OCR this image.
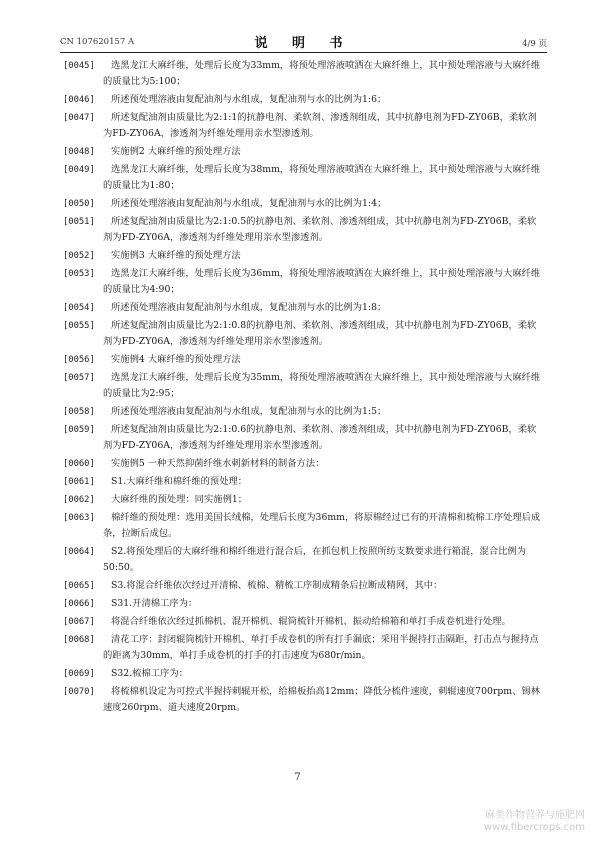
CN 107620157 A	说 明 书	4/9 页
[0045]	选黑龙江大麻纤维，处理后长度为33mm，将预处理溶液喷洒在大麻纤维上，其中预处理溶液与大麻纤维的质量比为5:100；
[0046]	所述预处理溶液由复配油剂与水组成，复配油剂与水的比例为1:6；
[0047]	所述复配油剂由质量比为2:1:1的抗静电剂、柔软剂、渗透剂组成，其中抗静电剂为FD-ZY06B，柔软剂为FD-ZY06A，渗透剂为纤维处理用亲水型渗透剂。
[0048]	实施例2 大麻纤维的预处理方法
[0049]	选黑龙江大麻纤维，处理后长度为38mm，将预处理溶液喷洒在大麻纤维上，其中预处理溶液与大麻纤维的质量比为1:80；
[0050]	所述预处理溶液由复配油剂与水组成，复配油剂与水的比例为1:4；
[0051]	所述复配油剂由质量比为2:1:0.5的抗静电剂、柔软剂、渗透剂组成，其中抗静电剂为FD-ZY06B，柔软剂为FD-ZY06A，渗透剂为纤维处理用亲水型渗透剂。
[0052]	实施例3 大麻纤维的预处理方法
[0053]	选黑龙江大麻纤维，处理后长度为36mm，将预处理溶液喷洒在大麻纤维上，其中预处理溶液与大麻纤维的质量比为4:90；
[0054]	所述预处理溶液由复配油剂与水组成，复配油剂与水的比例为1:8；
[0055]	所述复配油剂由质量比为2:1:0.8的抗静电剂、柔软剂、渗透剂组成，其中抗静电剂为FD-ZY06B，柔软剂为FD-ZY06A，渗透剂为纤维处理用亲水型渗透剂。
[0056]	实施例4 大麻纤维的预处理方法
[0057]	选黑龙江大麻纤维，处理后长度为35mm，将预处理溶液喷洒在大麻纤维上，其中预处理溶液与大麻纤维的质量比为2:95；
[0058]	所述预处理溶液由复配油剂与水组成，复配油剂与水的比例为1:5；
[0059]	所述复配油剂由质量比为2:1:0.6的抗静电剂、柔软剂、渗透剂组成，其中抗静电剂为FD-ZY06B，柔软剂为FD-ZY06A，渗透剂为纤维处理用亲水型渗透剂。
[0060]	实施例5 一种天然抑菌纤维水刺新材料的制备方法：
[0061]	S1.大麻纤维和棉纤维的预处理：
[0062]	大麻纤维的预处理：同实施例1；
[0063]	棉纤维的预处理：选用美国长绒棉，处理后长度为36mm，将原棉经过已有的开清棉和梳棉工序处理后成条，拉断后成包。
[0064]	S2.将预处理后的大麻纤维和棉纤维进行混合后，在抓包机上按照所纺支数要求进行箱混，混合比例为50:50。
[0065]	S3.将混合纤维依次经过开清棉、梳棉、精梳工序制成精条后拉断成精网，其中：
[0066]	S31.开清棉工序为：
[0067]	将混合纤维依次经过抓棉机、混开棉机、辊筒梳针开棉机、振动给棉箱和单打手成卷机进行处理。
[0068]	清花工序：封闭辊筒梳针开棉机、单打手成卷机的所有打手漏底；采用半握持打击隔距，打击点与握持点的距离为30mm，单打手成卷机的打手的打击速度为680r/min。
[0069]	S32.梳棉工序为：
[0070]	将梳棉机设定为可控式半握持刺辊开松，给棉板抬高12mm；降低分梳件速度，刺辊速度700rpm、锡林速度260rpm、道夫速度20rpm。
7
麻类作物营养与施肥网
www.fibercrops.com
